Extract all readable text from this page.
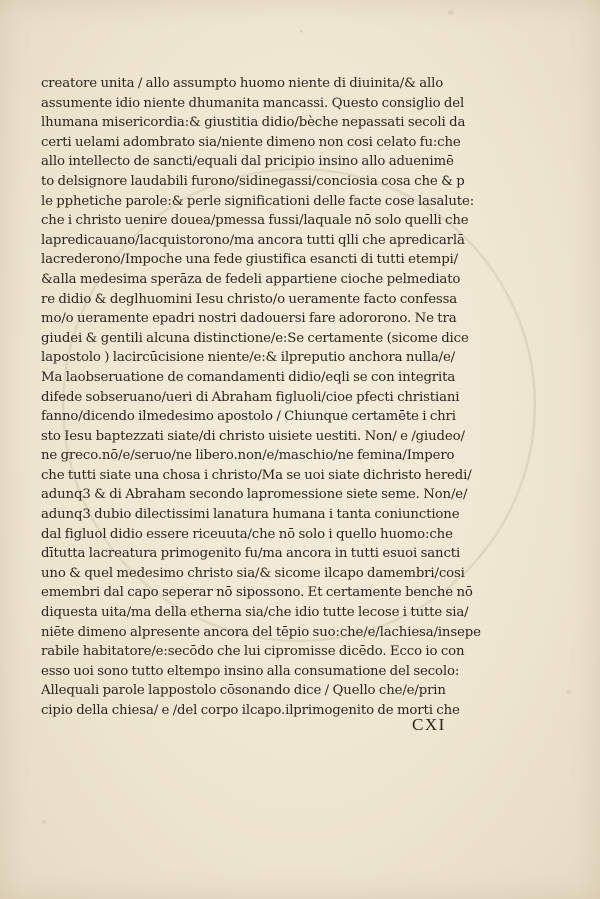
creatore unita / allo assumpto huomo niente di diuinita/& allo
assumente idio niente dhumanita mancassi. Questo consiglio del
lhumana misericordia:& giustitia didio/bèche nepassati secoli da
certi uelami adombrato sia/niente dimeno non cosi celato fu:che
allo intellecto de sancti/equali dal pricipio insino allo aduenimē
to delsignore laudabili furono/sidinegassi/conciosia cosa che & p
le pphetiche parole:& perle significationi delle facte cose lasalute:
che i christo uenire douea/pmessa fussi/laquale nō solo quelli che
lapredicauano/lacquistorono/ma ancora tutti qlli che apredicarlā
lacrederono/Impoche una fede giustifica esancti di tutti etempi/
&alla medesima sperāza de fedeli appartiene cioche pelmediato
re didio & deglhuomini Iesu christo/o ueramente facto confessa
mo/o ueramente epadri nostri dadouersi fare adororono. Ne tra
giudei & gentili alcuna distinctione/e:Se certamente (sicome dice
lapostolo ) lacircūcisione niente/e:& ilpreputio anchora nulla/e/
Ma laobseruatione de comandamenti didio/eqli se con integrita
difede sobseruano/ueri di Abraham figluoli/cioe pfecti christiani
fanno/dicendo ilmedesimo apostolo / Chiunque certamēte i chri
sto Iesu baptezzati siate/di christo uisiete uestiti. Non/ e /giudeo/
ne greco.nō/e/seruo/ne libero.non/e/maschio/ne femina/Impero
che tutti siate una chosa i christo/Ma se uoi siate dichristo heredi/
adunq3 & di Abraham secondo lapromessione siete seme. Non/e/
adunq3 dubio dilectissimi lanatura humana i tanta coniunctione
dal figluol didio essere riceuuta/che nō solo i quello huomo:che
dītutta lacreatura primogenito fu/ma ancora in tutti esuoi sancti
uno & quel medesimo christo sia/& sicome ilcapo damembri/cosi
emembri dal capo seperar nō sipossono. Et certamente benche nō
diquesta uita/ma della etherna sia/che idio tutte lecose i tutte sia/
niēte dimeno alpresente ancora del tēpio suo:che/e/lachiesa/insepe
rabile habitatore/e:secōdo che lui cipromisse dicēdo. Ecco io con
esso uoi sono tutto eltempo insino alla consumatione del secolo:
Allequali parole lappostolo cōsonando dice / Quello che/e/prin
cipio della chiesa/ e /del corpo ilcapo.ilprimogenito de morti che
CXI
